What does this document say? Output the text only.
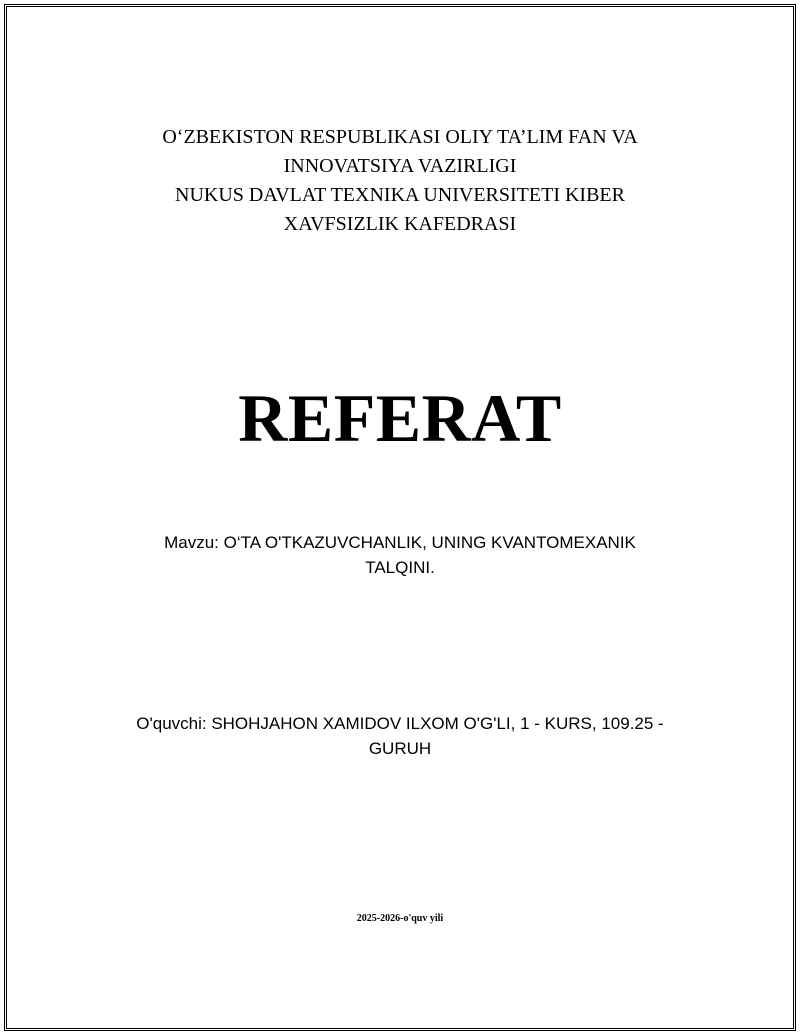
O‘ZBEKISTON RESPUBLIKASI OLIY TA’LIM FAN VA
INNOVATSIYA VAZIRLIGI
NUKUS DAVLAT TEXNIKA UNIVERSITETI KIBER
XAVFSIZLIK KAFEDRASI
REFERAT
Mavzu: O‘TA O'TKAZUVCHANLIK, UNING KVANTOMEXANIK
TALQINI.
O'quvchi: SHOHJAHON XAMIDOV ILXOM O'G'LI, 1 - KURS, 109.25 -
GURUH
2025-2026-o'quv yili
